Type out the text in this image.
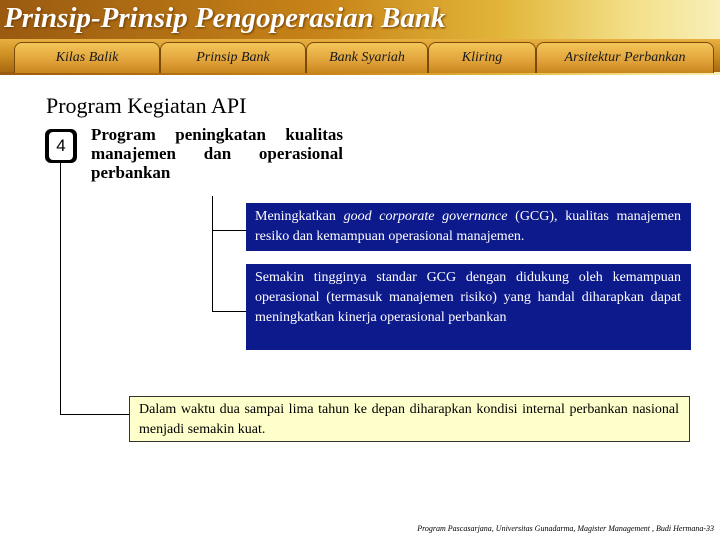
Prinsip-Prinsip Pengoperasian Bank
Kilas Balik	Prinsip Bank	Bank Syariah	Kliring	Arsitektur Perbankan
Program Kegiatan API
4
Program peningkatan kualitas manajemen dan operasional perbankan
Meningkatkan good corporate governance (GCG), kualitas manajemen resiko dan kemampuan operasional manajemen.
Semakin tingginya standar GCG dengan didukung oleh kemampuan operasional (termasuk manajemen risiko) yang handal diharapkan dapat meningkatkan kinerja operasional perbankan
Dalam waktu dua sampai lima tahun ke depan diharapkan kondisi internal perbankan nasional menjadi semakin kuat.
Program Pascasarjana, Universitas Gunadarma, Magister Management , Budi Hermana-33
